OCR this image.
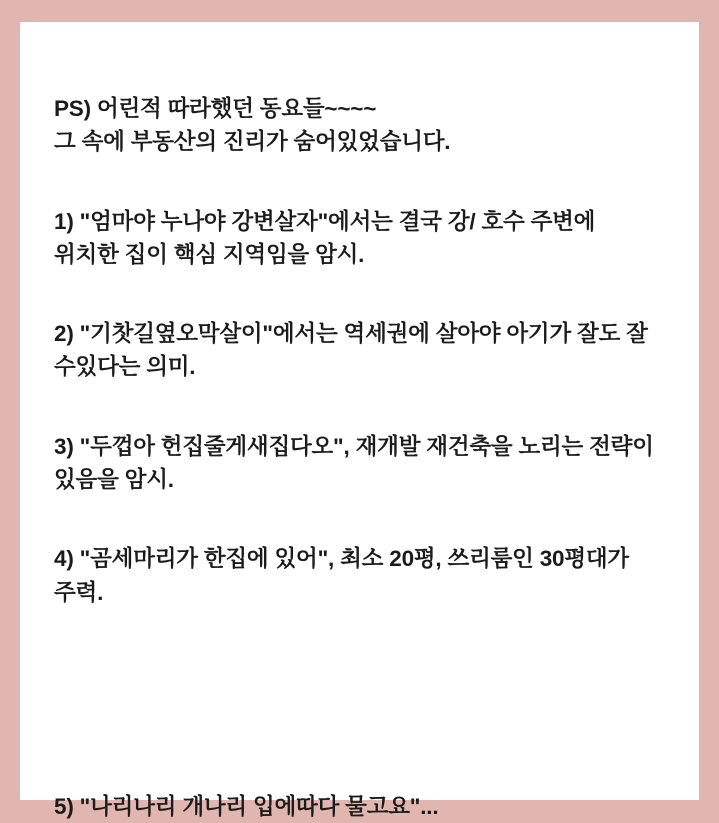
PS) 어린적 따라했던 동요들~~~~

그 속에 부동산의 진리가 숨어있었습니다.

1) "엄마야 누나야 강변살자"에서는 결국 강/ 호수 주변에 위치한 집이 핵심 지역임을 암시.

2) "기찻길옆오막살이"에서는 역세권에 살아야 아기가 잘도 잘 수있다는 의미.

3) "두껍아 헌집줄게새집다오", 재개발 재건축을 노리는 전략이 있음을 암시.

4) "곰세마리가 한집에 있어", 최소 20평, 쓰리룸인 30평대가 주력.

5) "나리나리 개나리 입에따다 물고요"...
